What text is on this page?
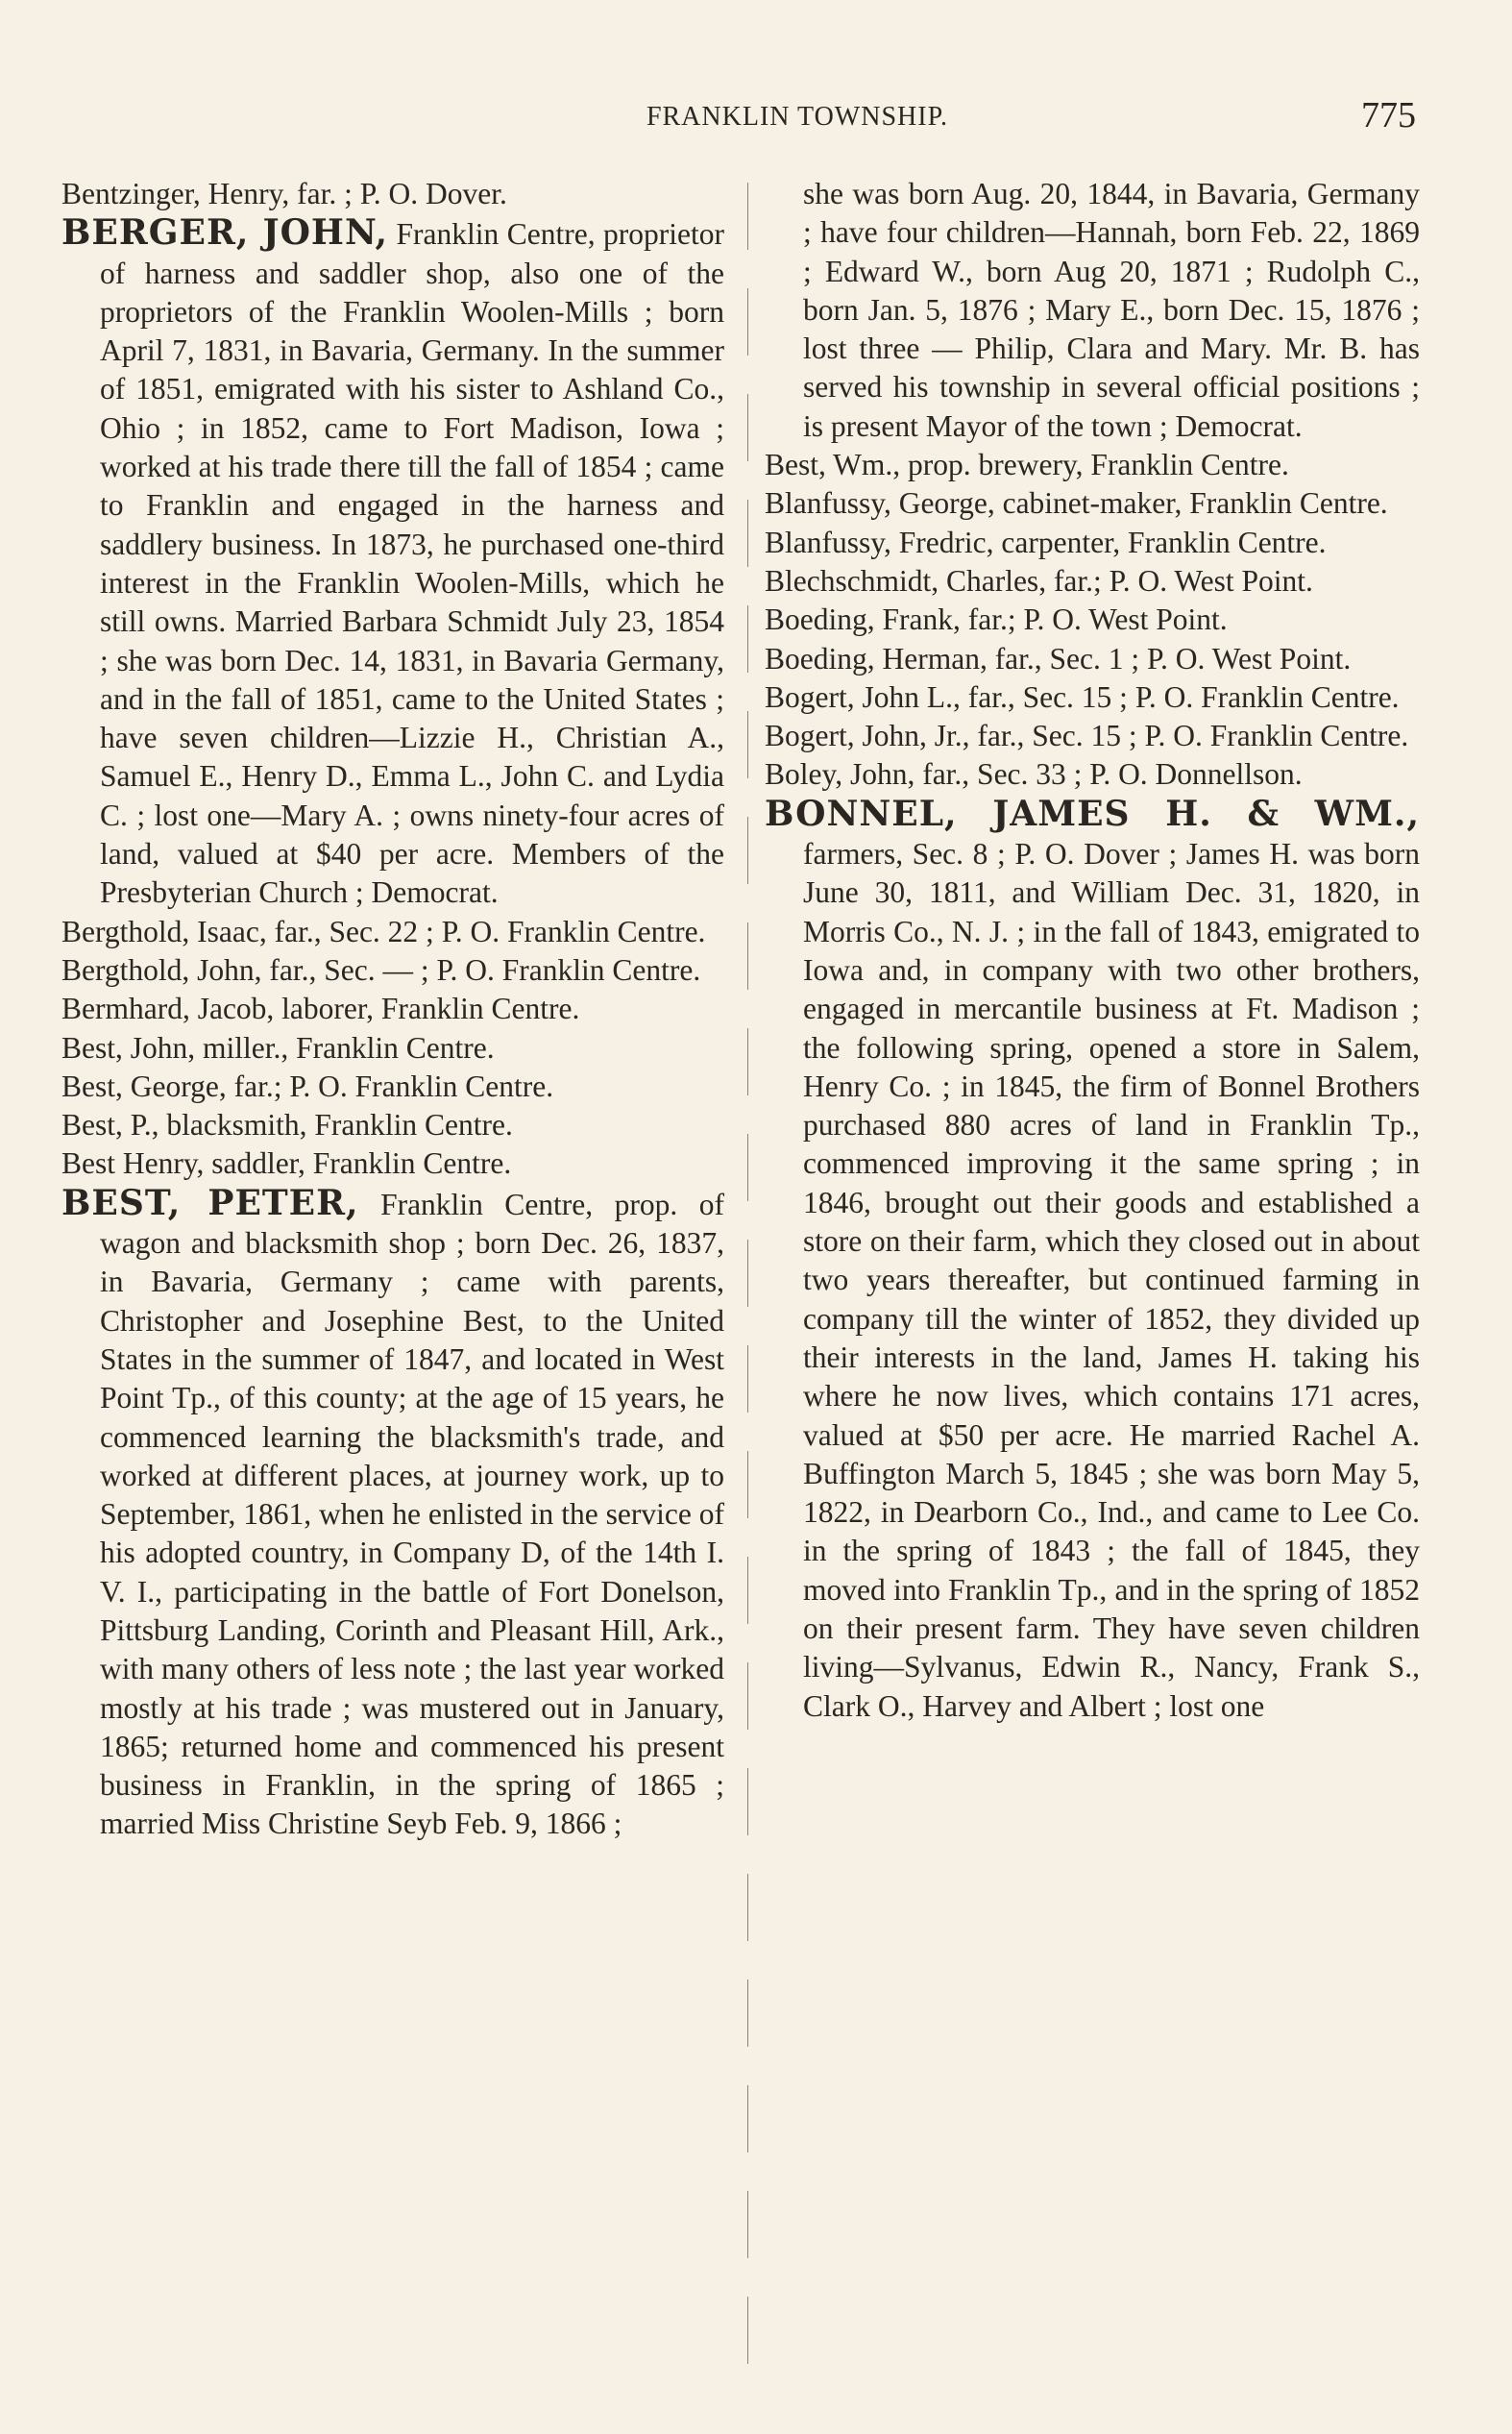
FRANKLIN TOWNSHIP.	775

Bentzinger, Henry, far. ; P. O. Dover.

BERGER, JOHN, Franklin Centre, proprietor of harness and saddler shop, also one of the proprietors of the Franklin Woolen-Mills ; born April 7, 1831, in Bavaria, Germany. In the summer of 1851, emigrated with his sister to Ashland Co., Ohio ; in 1852, came to Fort Madison, Iowa ; worked at his trade there till the fall of 1854 ; came to Franklin and engaged in the harness and saddlery business. In 1873, he purchased one-third interest in the Franklin Woolen-Mills, which he still owns. Married Barbara Schmidt July 23, 1854 ; she was born Dec. 14, 1831, in Bavaria Germany, and in the fall of 1851, came to the United States ; have seven children—Lizzie H., Christian A., Samuel E., Henry D., Emma L., John C. and Lydia C. ; lost one—Mary A. ; owns ninety-four acres of land, valued at $40 per acre. Members of the Presbyterian Church ; Democrat.

Bergthold, Isaac, far., Sec. 22 ; P. O. Franklin Centre.

Bergthold, John, far., Sec. — ; P. O. Franklin Centre.

Bermhard, Jacob, laborer, Franklin Centre.

Best, John, miller., Franklin Centre.

Best, George, far.; P. O. Franklin Centre.

Best, P., blacksmith, Franklin Centre.

Best Henry, saddler, Franklin Centre.

BEST, PETER, Franklin Centre, prop. of wagon and blacksmith shop ; born Dec. 26, 1837, in Bavaria, Germany ; came with parents, Christopher and Josephine Best, to the United States in the summer of 1847, and located in West Point Tp., of this county; at the age of 15 years, he commenced learning the blacksmith's trade, and worked at different places, at journey work, up to September, 1861, when he enlisted in the service of his adopted country, in Company D, of the 14th I. V. I., participating in the battle of Fort Donelson, Pittsburg Landing, Corinth and Pleasant Hill, Ark., with many others of less note ; the last year worked mostly at his trade ; was mustered out in January, 1865; returned home and commenced his present business in Franklin, in the spring of 1865 ; married Miss Christine Seyb Feb. 9, 1866 ;

she was born Aug. 20, 1844, in Bavaria, Germany ; have four children—Hannah, born Feb. 22, 1869 ; Edward W., born Aug 20, 1871 ; Rudolph C., born Jan. 5, 1876 ; Mary E., born Dec. 15, 1876 ; lost three — Philip, Clara and Mary. Mr. B. has served his township in several official positions ; is present Mayor of the town ; Democrat.

Best, Wm., prop. brewery, Franklin Centre.

Blanfussy, George, cabinet-maker, Franklin Centre.

Blanfussy, Fredric, carpenter, Franklin Centre.

Blechschmidt, Charles, far.; P. O. West Point.

Boeding, Frank, far.; P. O. West Point.

Boeding, Herman, far., Sec. 1 ; P. O. West Point.

Bogert, John L., far., Sec. 15 ; P. O. Franklin Centre.

Bogert, John, Jr., far., Sec. 15 ; P. O. Franklin Centre.

Boley, John, far., Sec. 33 ; P. O. Donnellson.

BONNEL, JAMES H. & WM., farmers, Sec. 8 ; P. O. Dover ; James H. was born June 30, 1811, and William Dec. 31, 1820, in Morris Co., N. J. ; in the fall of 1843, emigrated to Iowa and, in company with two other brothers, engaged in mercantile business at Ft. Madison ; the following spring, opened a store in Salem, Henry Co. ; in 1845, the firm of Bonnel Brothers purchased 880 acres of land in Franklin Tp., commenced improving it the same spring ; in 1846, brought out their goods and established a store on their farm, which they closed out in about two years thereafter, but continued farming in company till the winter of 1852, they divided up their interests in the land, James H. taking his where he now lives, which contains 171 acres, valued at $50 per acre. He married Rachel A. Buffington March 5, 1845 ; she was born May 5, 1822, in Dearborn Co., Ind., and came to Lee Co. in the spring of 1843 ; the fall of 1845, they moved into Franklin Tp., and in the spring of 1852 on their present farm. They have seven children living—Sylvanus, Edwin R., Nancy, Frank S., Clark O., Harvey and Albert ; lost one
